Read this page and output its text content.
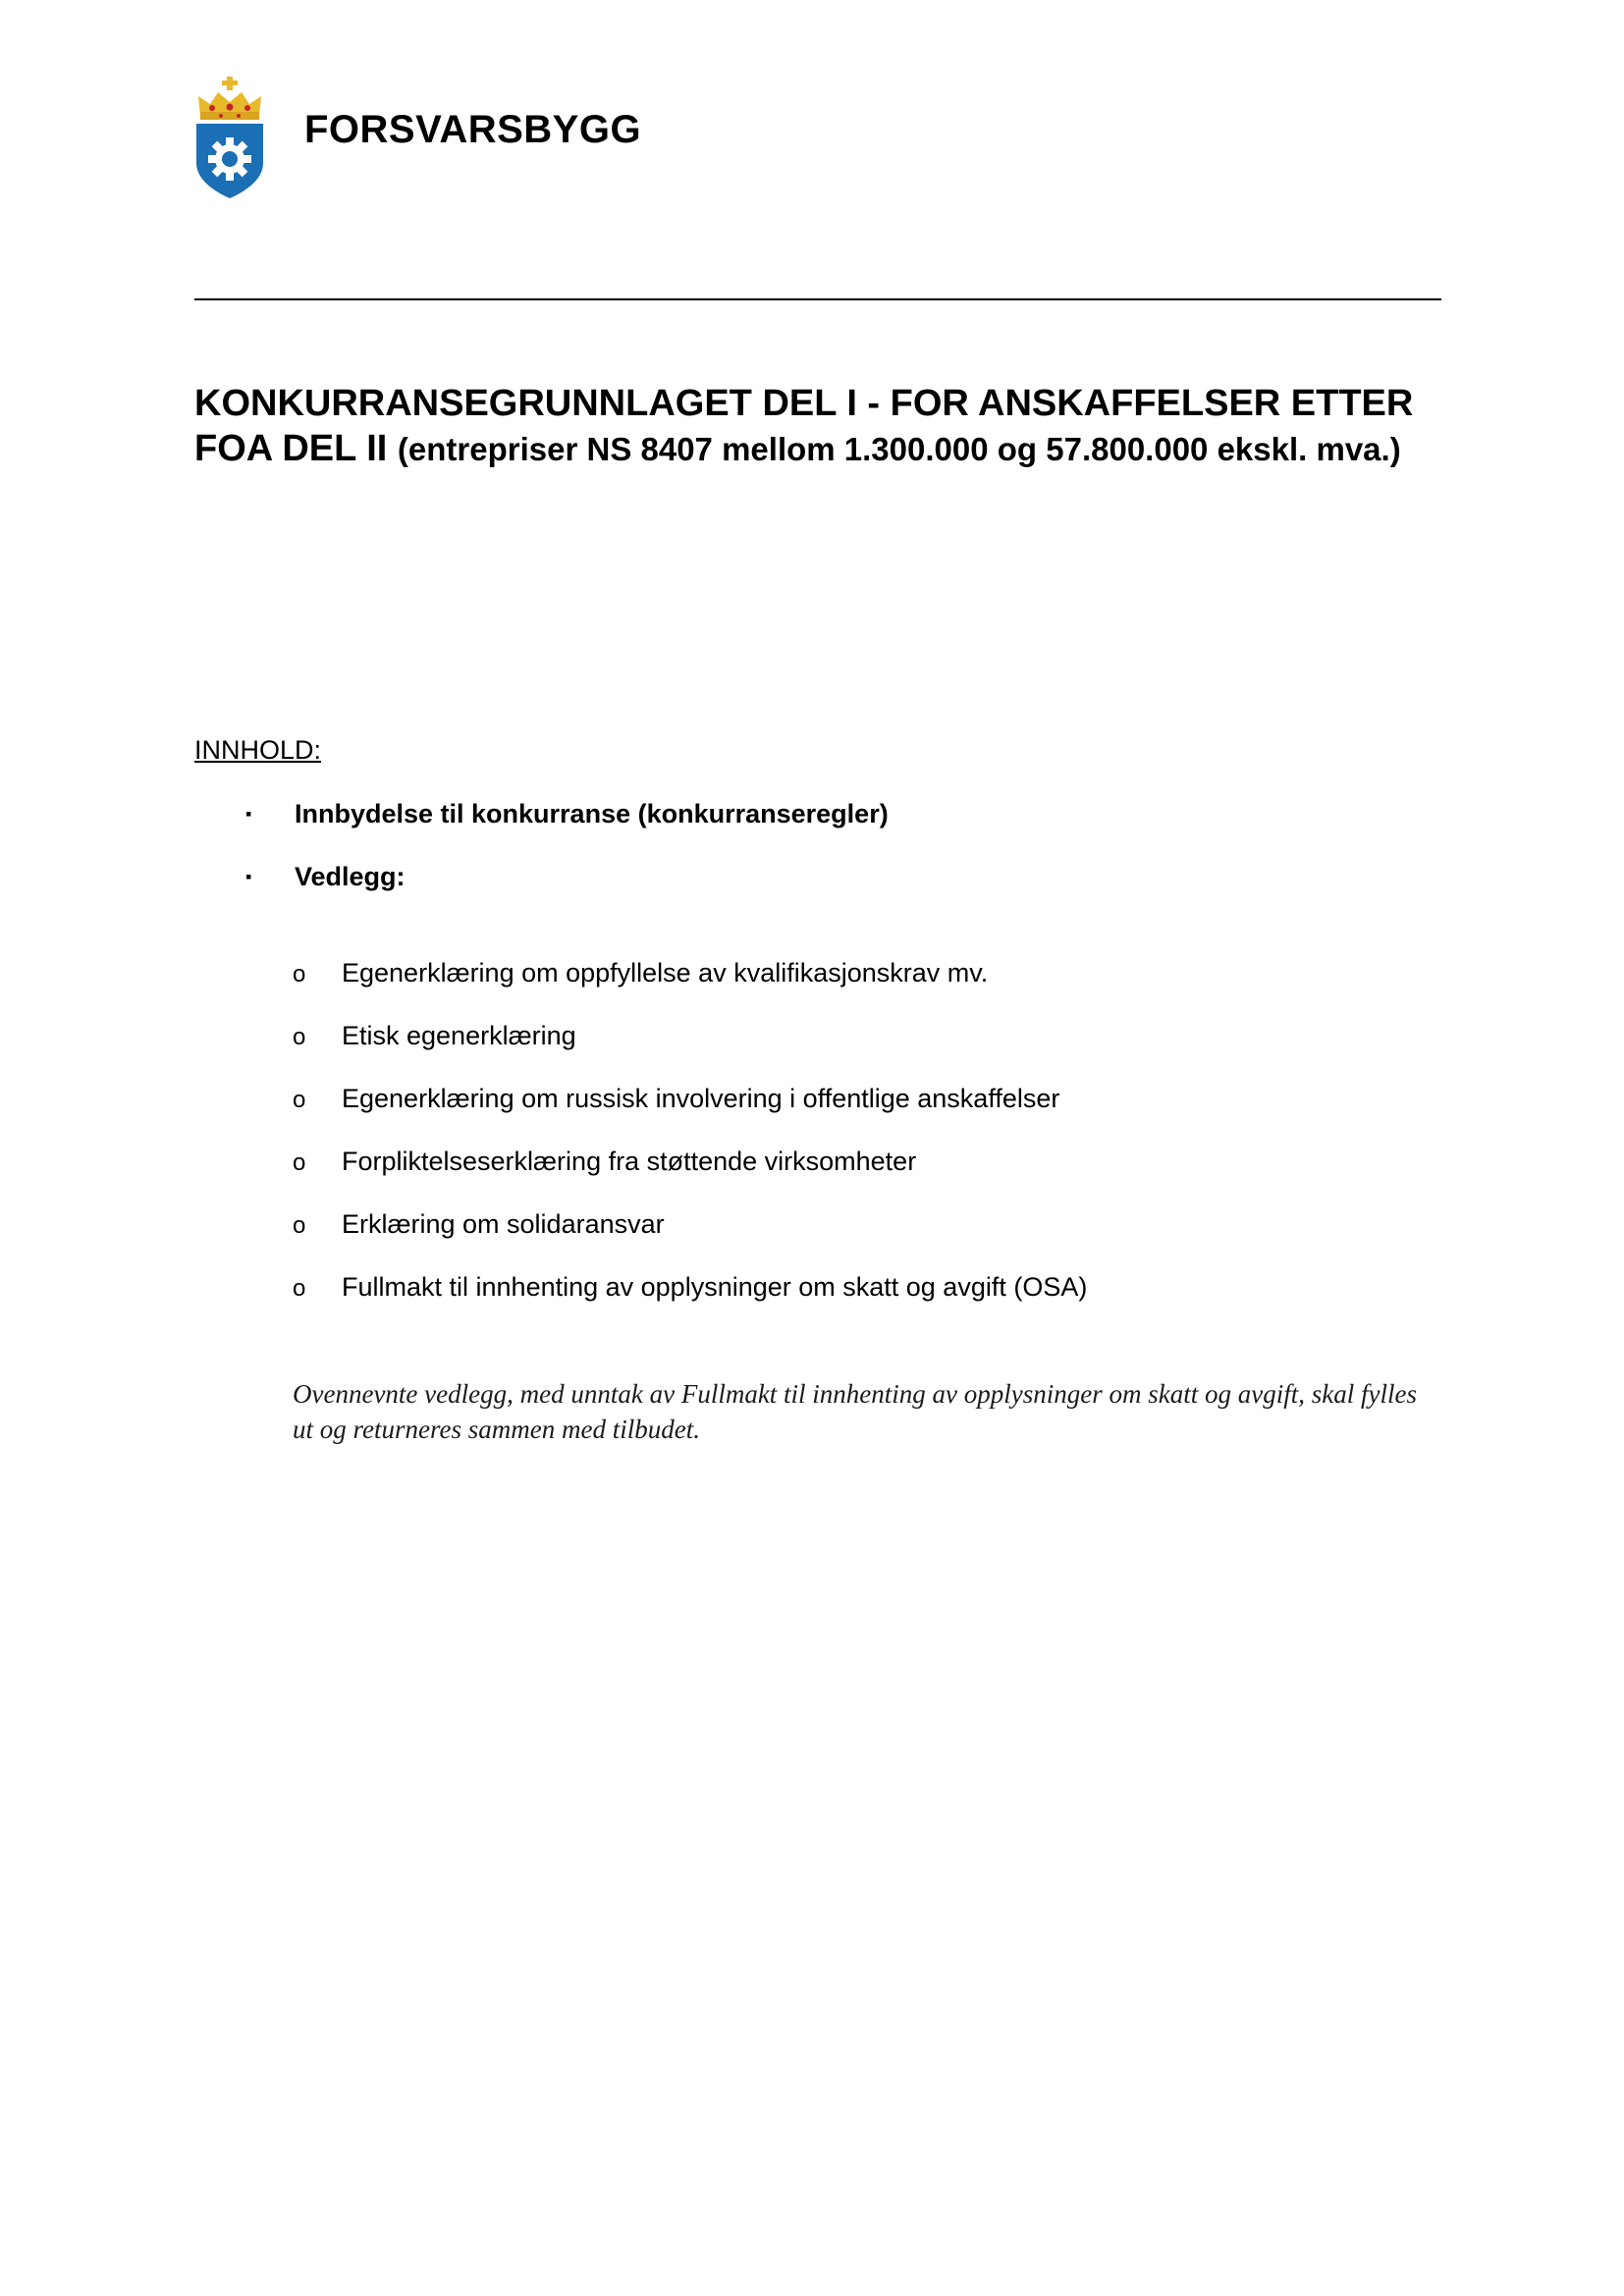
FORSVARSBYGG
KONKURRANSEGRUNNLAGET DEL I - FOR ANSKAFFELSER ETTER FOA DEL II (entrepriser NS 8407 mellom 1.300.000 og 57.800.000 ekskl. mva.)
INNHOLD:
▪ Innbydelse til konkurranse (konkurranseregler)
▪ Vedlegg:
o Egenerklæring om oppfyllelse av kvalifikasjonskrav mv.
o Etisk egenerklæring
o Egenerklæring om russisk involvering i offentlige anskaffelser
o Forpliktelseserklæring fra støttende virksomheter
o Erklæring om solidaransvar
o Fullmakt til innhenting av opplysninger om skatt og avgift (OSA)
Ovennevnte vedlegg, med unntak av Fullmakt til innhenting av opplysninger om skatt og avgift, skal fylles ut og returneres sammen med tilbudet.
